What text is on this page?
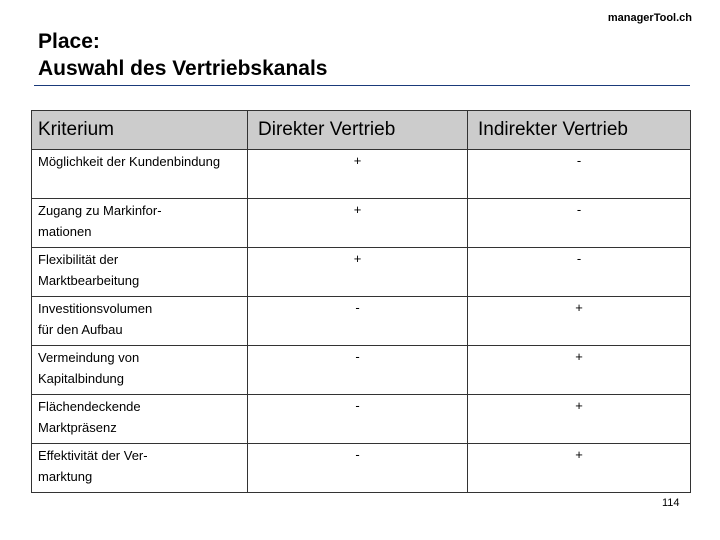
managerTool.ch
Place:
Auswahl des Vertriebskanals
Kriterium	Direkter Vertrieb	Indirekter Vertrieb

Möglichkeit der Kundenbindung	+	-

Zugang zu Markinfor-
mationen	+	-

Flexibilität der
Marktbearbeitung	+	-

Investitionsvolumen
für den Aufbau	-	+

Vermeindung von
Kapitalbindung	-	+

Flächendeckende
Marktpräsenz	-	+

Effektivität der Ver-
marktung	-	+
114
